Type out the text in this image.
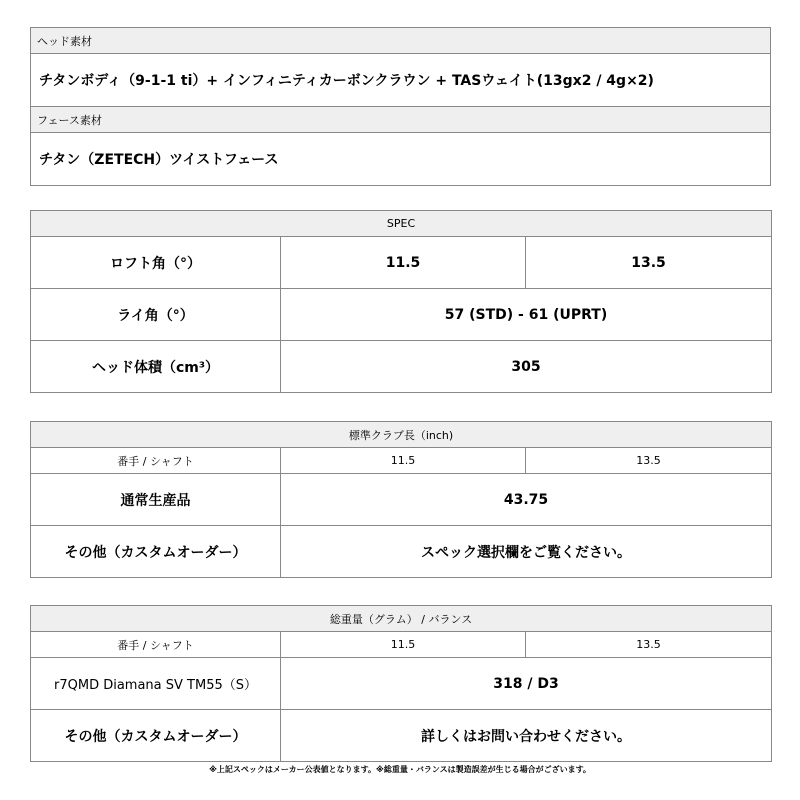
ヘッド素材
チタンボディ（9-1-1 ti）+ インフィニティカーボンクラウン + TASウェイト(13gx2 / 4g×2)
フェース素材
チタン（ZETECH）ツイストフェース
SPEC		
ロフト角（°）	11.5	13.5
ライ角（°）	57 (STD) - 61 (UPRT)	
ヘッド体積（cm³）	305	
標準クラブ長（inch)		
番手 / シャフト	11.5	13.5
通常生産品	43.75	
その他（カスタムオーダー）	スペック選択欄をご覧ください。	
総重量（グラム） / バランス		
番手 / シャフト	11.5	13.5
r7QMD Diamana SV TM55（S）	318 / D3	
その他（カスタムオーダー）	詳しくはお問い合わせください。	
※上記スペックはメーカー公表値となります。※総重量・バランスは製造誤差が生じる場合がございます。
